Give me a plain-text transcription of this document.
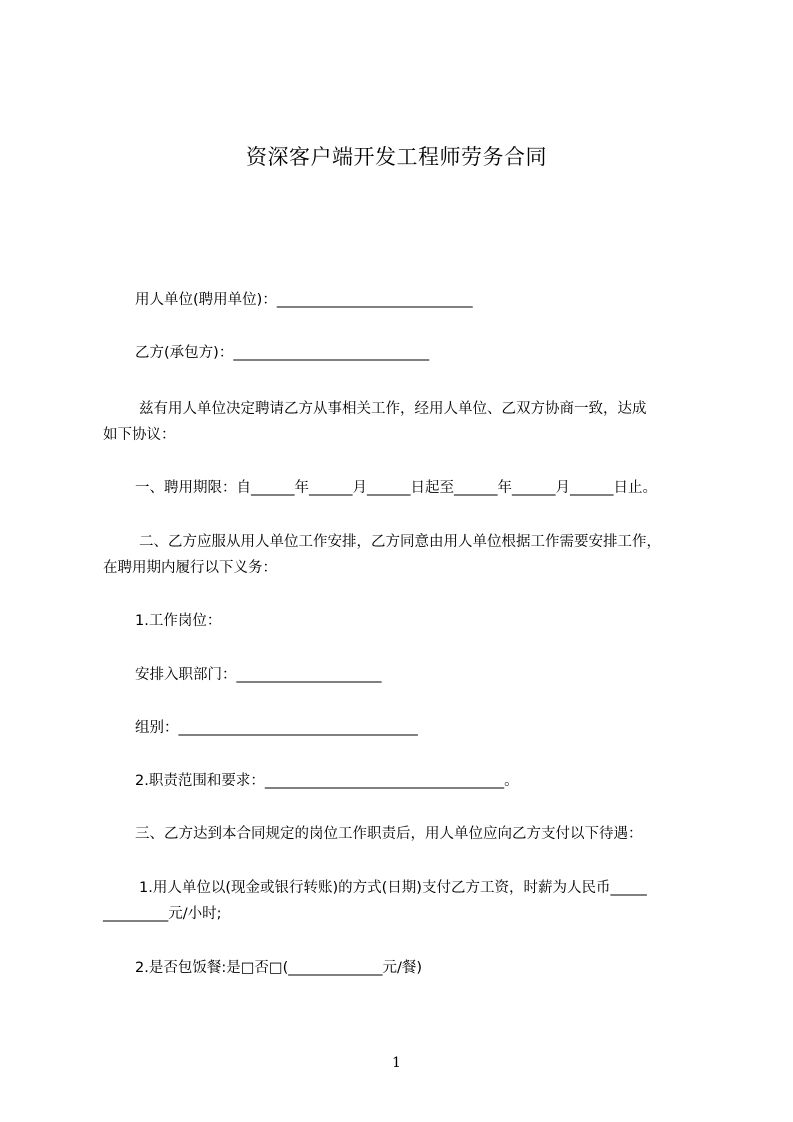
资深客户端开发工程师劳务合同
用人单位(聘用单位)：___________________________
乙方(承包方)：___________________________
兹有用人单位决定聘请乙方从事相关工作，经用人单位、乙双方协商一致，达成
如下协议：
一、聘用期限：自______年______月______日起至______年______月______日止。
二、乙方应服从用人单位工作安排，乙方同意由用人单位根据工作需要安排工作，
在聘用期内履行以下义务：
1.工作岗位：
安排入职部门：____________________
组别：_________________________________
2.职责范围和要求：_________________________________。
三、乙方达到本合同规定的岗位工作职责后，用人单位应向乙方支付以下待遇：
1.用人单位以(现金或银行转账)的方式(日期)支付乙方工资，时薪为人民币_____
_________元/小时;
2.是否包饭餐:是□否□(_____________元/餐)
1
